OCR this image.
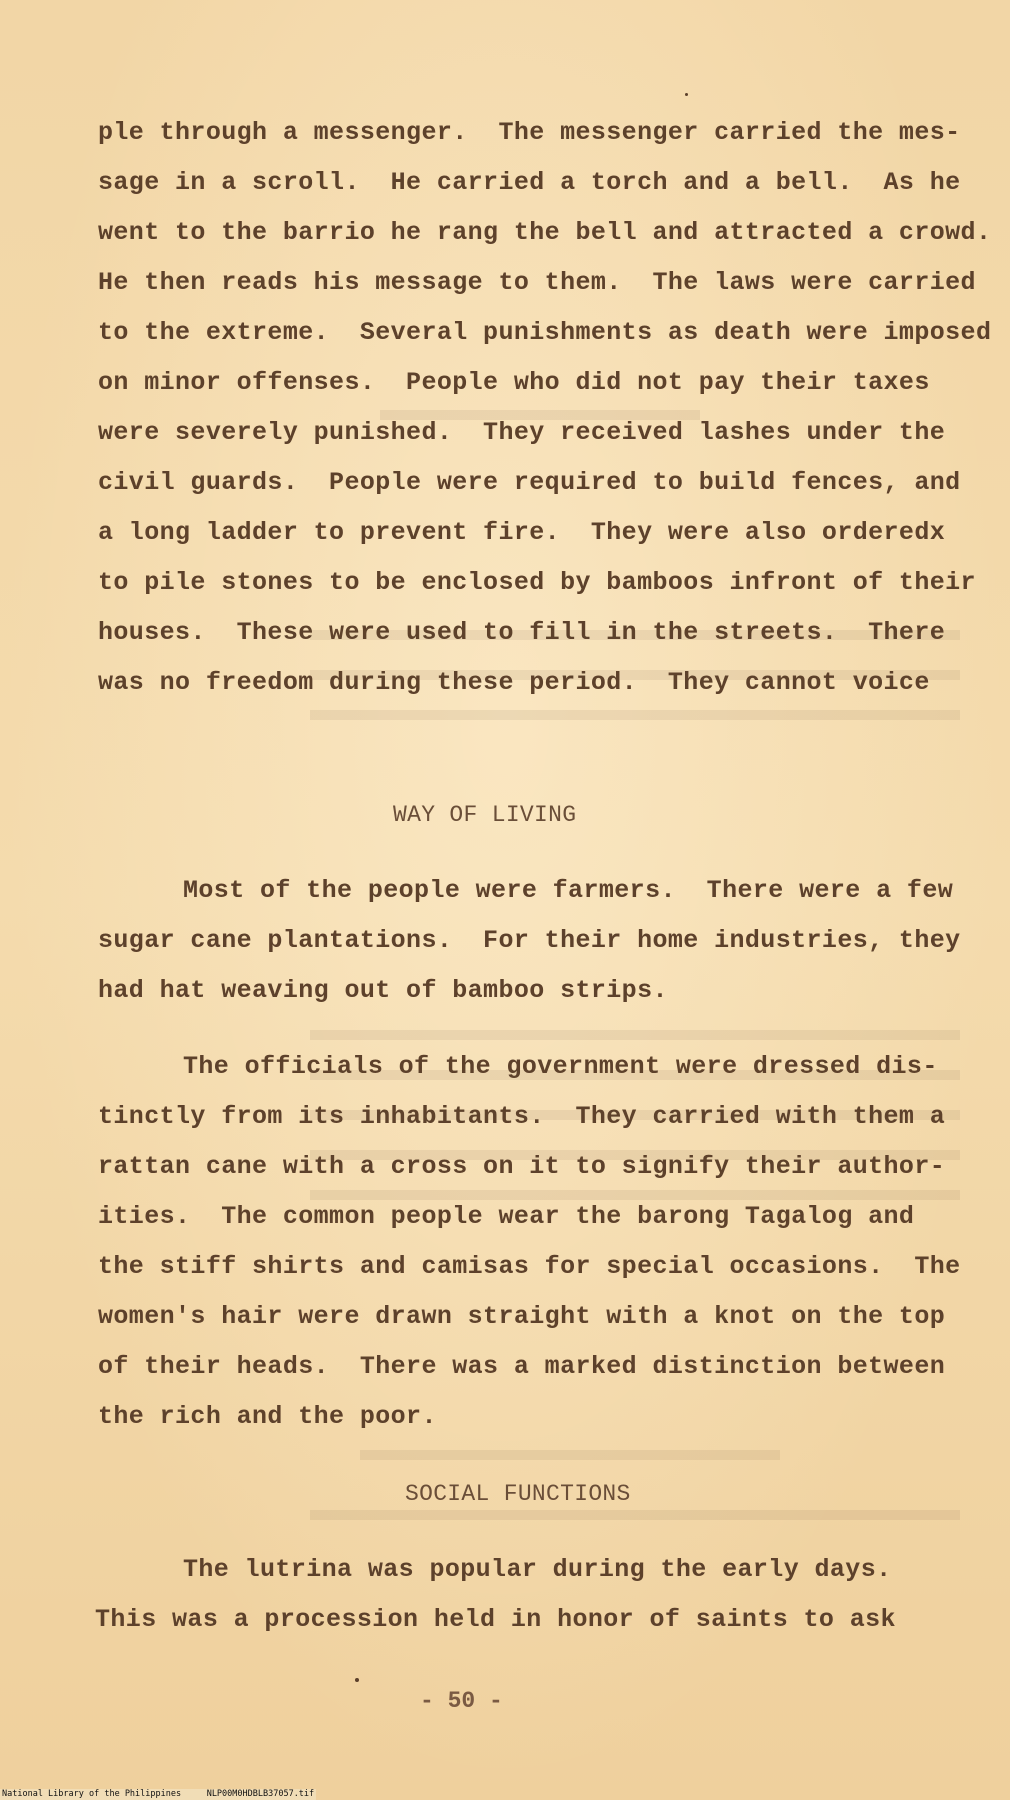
ple through a messenger.  The messenger carried the mes-
sage in a scroll.  He carried a torch and a bell.  As he
went to the barrio he rang the bell and attracted a crowd.
He then reads his message to them.  The laws were carried
to the extreme.  Several punishments as death were imposed
on minor offenses.  People who did not pay their taxes
were severely punished.  They received lashes under the
civil guards.  People were required to build fences, and
a long ladder to prevent fire.  They were also orderedx
to pile stones to be enclosed by bamboos infront of their
houses.  These were used to fill in the streets.  There
was no freedom during these period.  They cannot voice
WAY OF LIVING
Most of the people were farmers.  There were a few
sugar cane plantations.  For their home industries, they
had hat weaving out of bamboo strips.
The officials of the government were dressed dis-
tinctly from its inhabitants.  They carried with them a
rattan cane with a cross on it to signify their author-
ities.  The common people wear the barong Tagalog and
the stiff shirts and camisas for special occasions.  The
women's hair were drawn straight with a knot on the top
of their heads.  There was a marked distinction between
the rich and the poor.
SOCIAL FUNCTIONS
The lutrina was popular during the early days.
This was a procession held in honor of saints to ask
- 50 -
National Library of the Philippines     NLP00M0HDBLB37057.tif
